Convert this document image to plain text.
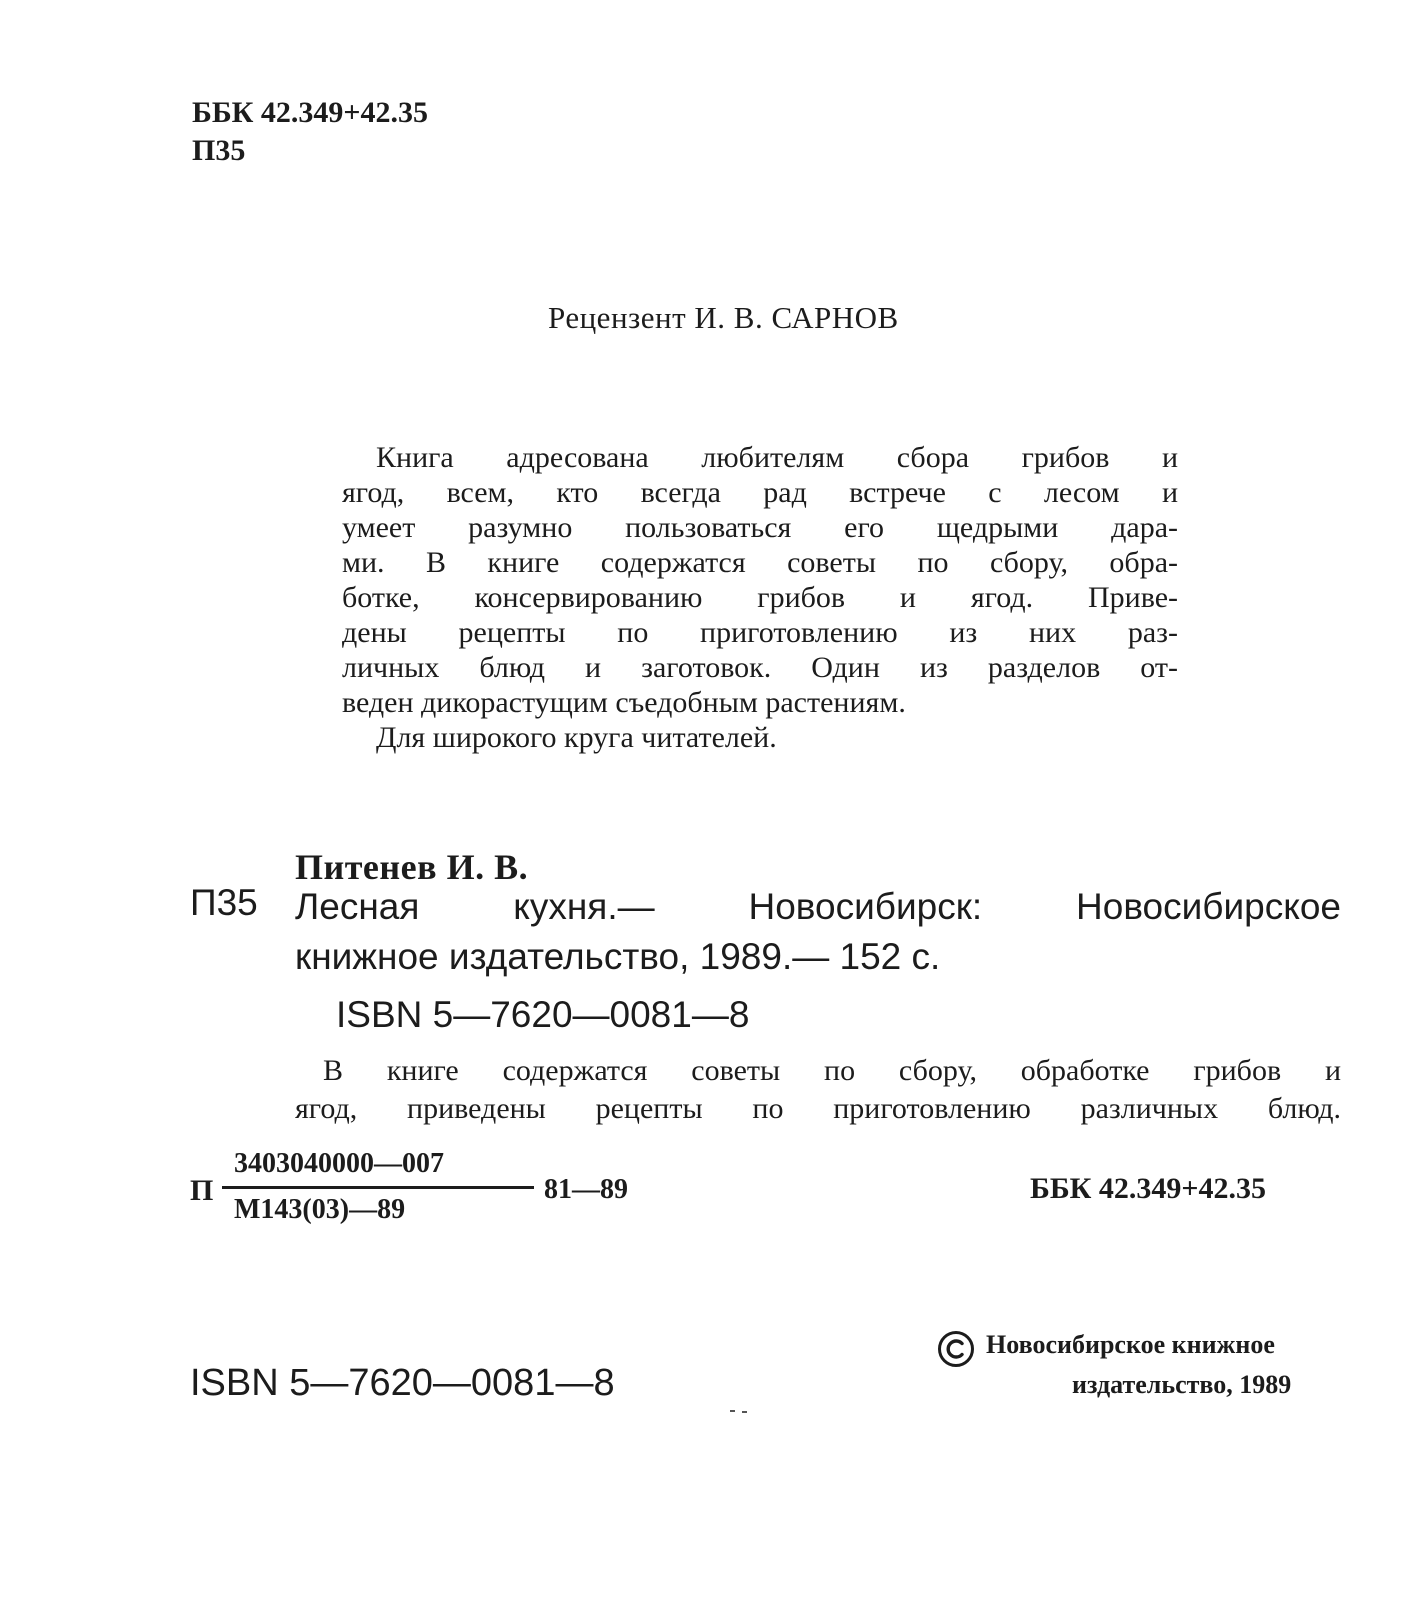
ББК 42.349+42.35
П35
Рецензент И. В. САРНОВ
Книга адресована любителям сбора грибов и
ягод, всем, кто всегда рад встрече с лесом и
умеет разумно пользоваться его щедрыми дара-
ми. В книге содержатся советы по сбору, обра-
ботке, консервированию грибов и ягод. Приве-
дены рецепты по приготовлению из них раз-
личных блюд и заготовок. Один из разделов от-
веден дикорастущим съедобным растениям.
Для широкого круга читателей.
Питенев И. В.
П35 Лесная кухня.— Новосибирск: Новосибирское
книжное издательство, 1989.— 152 с.
ISBN 5—7620—0081—8
В книге содержатся советы по сбору, обработке грибов и
ягод, приведены рецепты по приготовлению различных блюд.
П
3403040000—007
М143(03)—89
81—89	ББК 42.349+42.35
ISBN 5—7620—0081—8
Новосибирское книжное
издательство, 1989
